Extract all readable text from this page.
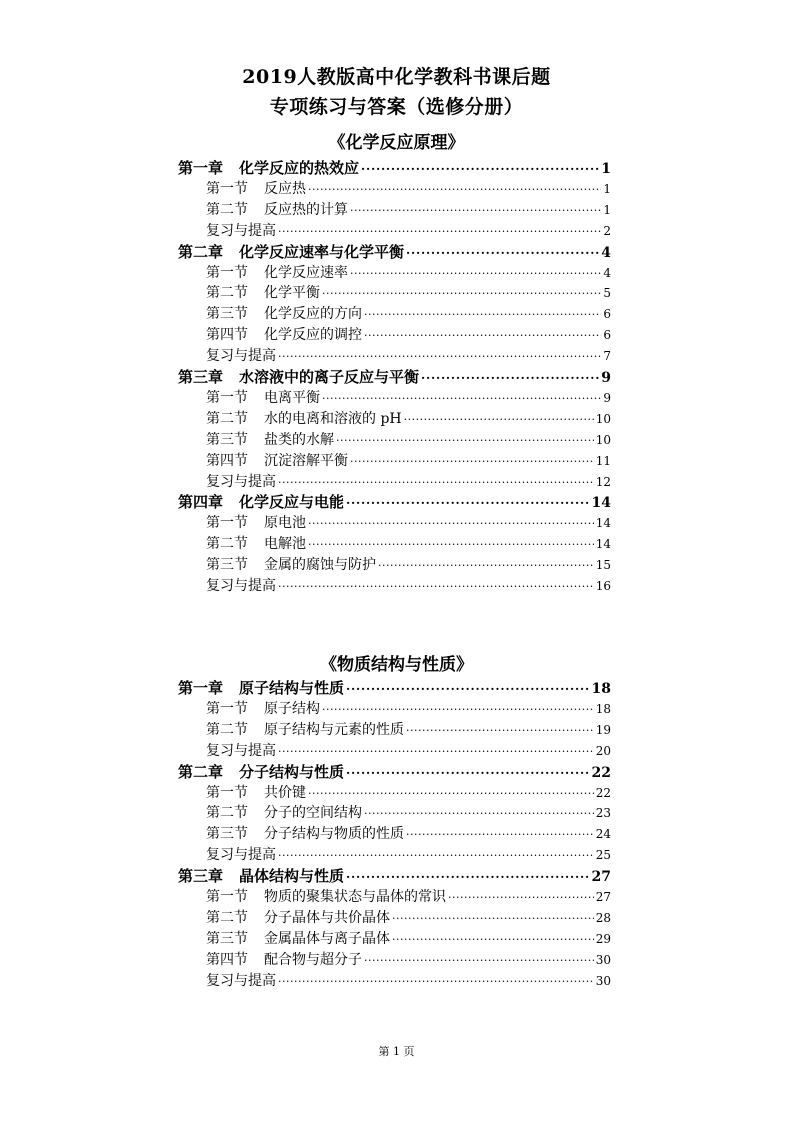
2019人教版高中化学教科书课后题
专项练习与答案（选修分册）
《化学反应原理》
第一章 化学反应的热效应 ·····	1
第一节 反应热 ·····	1
第二节 反应热的计算 ·····	1
复习与提高 ·····	2
第二章 化学反应速率与化学平衡 ·····	4
第一节 化学反应速率 ·····	4
第二节 化学平衡 ·····	5
第三节 化学反应的方向 ·····	6
第四节 化学反应的调控 ·····	6
复习与提高 ·····	7
第三章 水溶液中的离子反应与平衡 ·····	9
第一节 电离平衡 ·····	9
第二节 水的电离和溶液的 pH ·····	10
第三节 盐类的水解 ·····	10
第四节 沉淀溶解平衡 ·····	11
复习与提高 ·····	12
第四章 化学反应与电能 ·····	14
第一节 原电池 ·····	14
第二节 电解池 ·····	14
第三节 金属的腐蚀与防护 ·····	15
复习与提高 ·····	16
《物质结构与性质》
第一章 原子结构与性质 ·····	18
第一节 原子结构 ·····	18
第二节 原子结构与元素的性质 ·····	19
复习与提高 ·····	20
第二章 分子结构与性质 ·····	22
第一节 共价键 ·····	22
第二节 分子的空间结构 ·····	23
第三节 分子结构与物质的性质 ·····	24
复习与提高 ·····	25
第三章 晶体结构与性质 ·····	27
第一节 物质的聚集状态与晶体的常识 ·····	27
第二节 分子晶体与共价晶体 ·····	28
第三节 金属晶体与离子晶体 ·····	29
第四节 配合物与超分子 ·····	30
复习与提高 ·····	30
第 1 页
